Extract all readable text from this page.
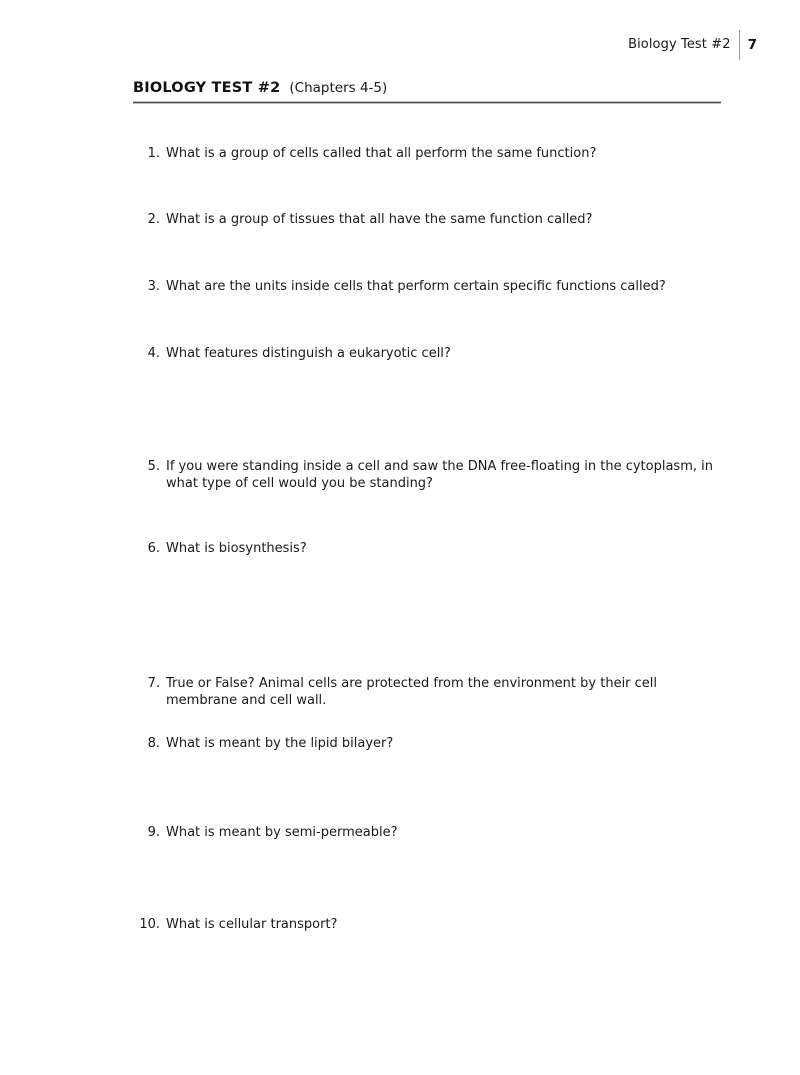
Biology Test #2 7
BIOLOGY TEST #2 (Chapters 4-5)
1. What is a group of cells called that all perform the same function?
2. What is a group of tissues that all have the same function called?
3. What are the units inside cells that perform certain specific functions called?
4. What features distinguish a eukaryotic cell?
5. If you were standing inside a cell and saw the DNA free-floating in the cytoplasm, in what type of cell would you be standing?
6. What is biosynthesis?
7. True or False? Animal cells are protected from the environment by their cell membrane and cell wall.
8. What is meant by the lipid bilayer?
9. What is meant by semi-permeable?
10. What is cellular transport?
